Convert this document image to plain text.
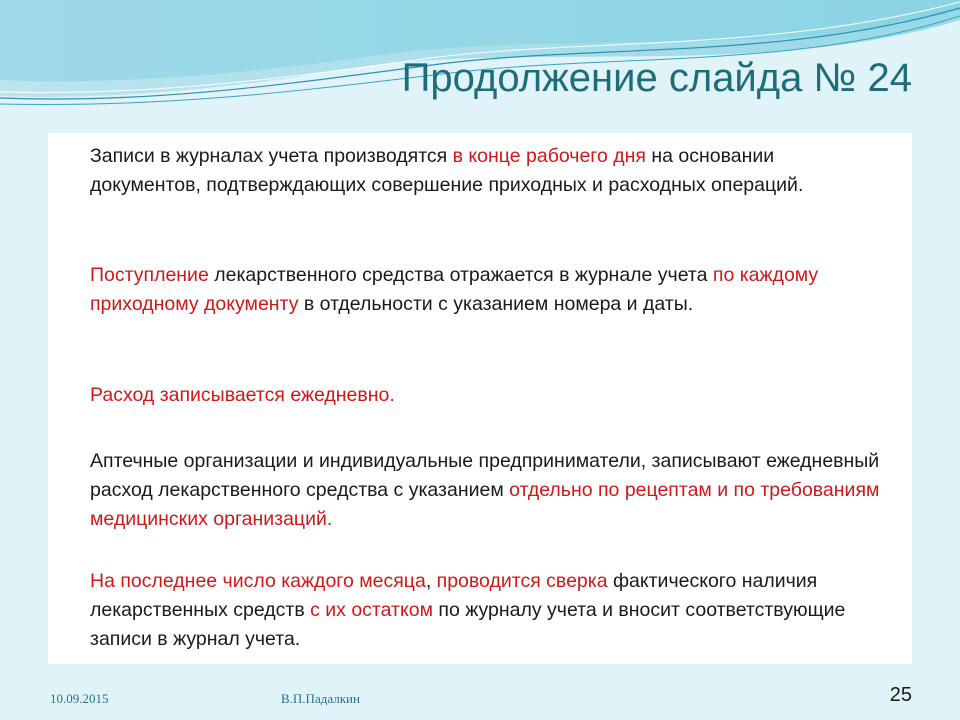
Продолжение слайда № 24

Записи в журналах учета производятся в конце рабочего дня на основании документов, подтверждающих совершение приходных и расходных операций.

Поступление лекарственного средства отражается в журнале учета по каждому приходному документу в отдельности с указанием номера и даты.

Расход записывается ежедневно.

Аптечные организации и индивидуальные предприниматели, записывают ежедневный расход лекарственного средства с указанием отдельно по рецептам и по требованиям медицинских организаций.

На последнее число каждого месяца, проводится сверка фактического наличия лекарственных средств с их остатком по журналу учета и вносит соответствующие записи в журнал учета.

10.09.2015	В.П.Падалкин	25
